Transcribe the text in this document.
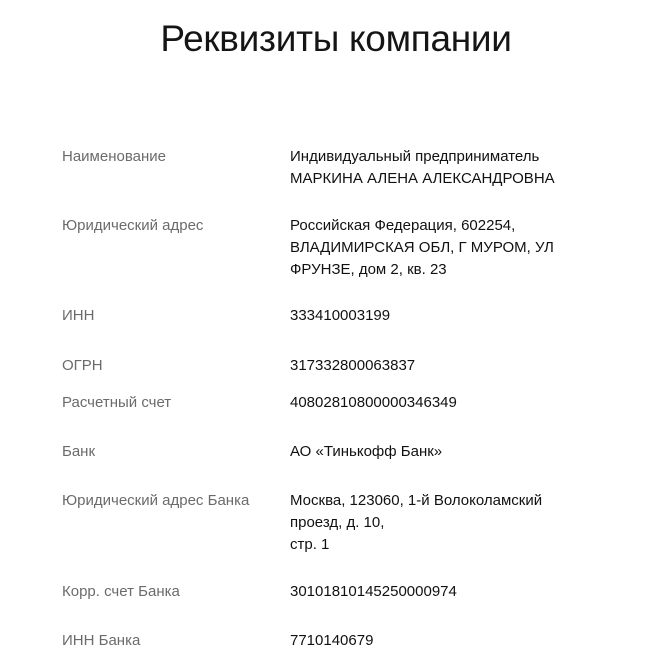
Реквизиты компании
Наименование	Индивидуальный предприниматель
МАРКИНА АЛЕНА АЛЕКСАНДРОВНА
Юридический адрес	Российская Федерация, 602254,
ВЛАДИМИРСКАЯ ОБЛ, Г МУРОМ, УЛ
ФРУНЗЕ, дом 2, кв. 23
ИНН	333410003199
ОГРН	317332800063837
Расчетный счет	40802810800000346349
Банк	АО «Тинькофф Банк»
Юридический адрес Банка	Москва, 123060, 1-й Волоколамский
проезд, д. 10,
стр. 1
Корр. счет Банка	30101810145250000974
ИНН Банка	7710140679
